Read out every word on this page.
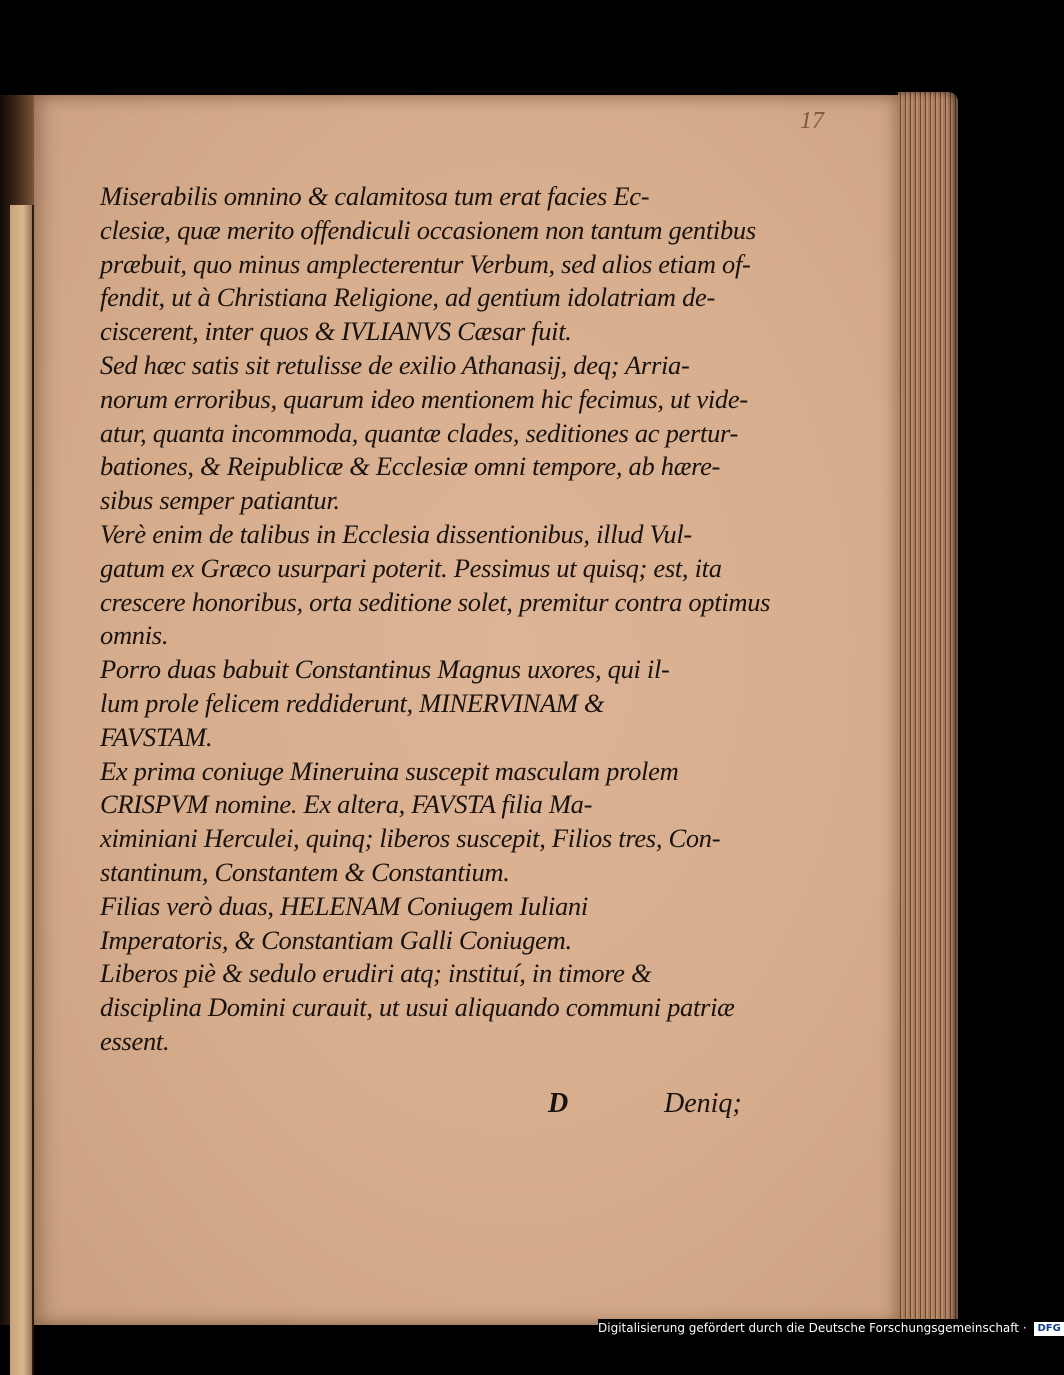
17
Miserabilis omnino & calamitosa tum erat facies Ec-
clesiæ, quæ merito offendiculi occasionem non tantum gentibus
præbuit, quo minus amplecterentur Verbum, sed alios etiam of-
fendit, ut à Christiana Religione, ad gentium idolatriam de-
ciscerent, inter quos & IVLIANVS Cæsar fuit.
Sed hæc satis sit retulisse de exilio Athanasij, deq; Arria-
norum erroribus, quarum ideo mentionem hic fecimus, ut vide-
atur, quanta incommoda, quantæ clades, seditiones ac pertur-
bationes, & Reipublicæ & Ecclesiæ omni tempore, ab hære-
sibus semper patiantur.
Verè enim de talibus in Ecclesia dissentionibus, illud Vul-
gatum ex Græco usurpari poterit. Pessimus ut quisq; est, ita
crescere honoribus, orta seditione solet, premitur contra optimus
omnis.
Porro duas babuit Constantinus Magnus uxores, qui il-
lum prole felicem reddiderunt, MINERVINAM &
FAVSTAM.
Ex prima coniuge Mineruina suscepit masculam prolem
CRISPVM nomine. Ex altera, FAVSTA filia Ma-
ximiniani Herculei, quinq; liberos suscepit, Filios tres, Con-
stantinum, Constantem & Constantium.
Filias verò duas, HELENAM Coniugem Iuliani
Imperatoris, & Constantiam Galli Coniugem.
Liberos piè & sedulo erudiri atq; instituí, in timore &
disciplina Domini curauit, ut usui aliquando communi patriæ
essent.
D	Deniq;
Digitalisierung gefördert durch die Deutsche Forschungsgemeinschaft · DFG
